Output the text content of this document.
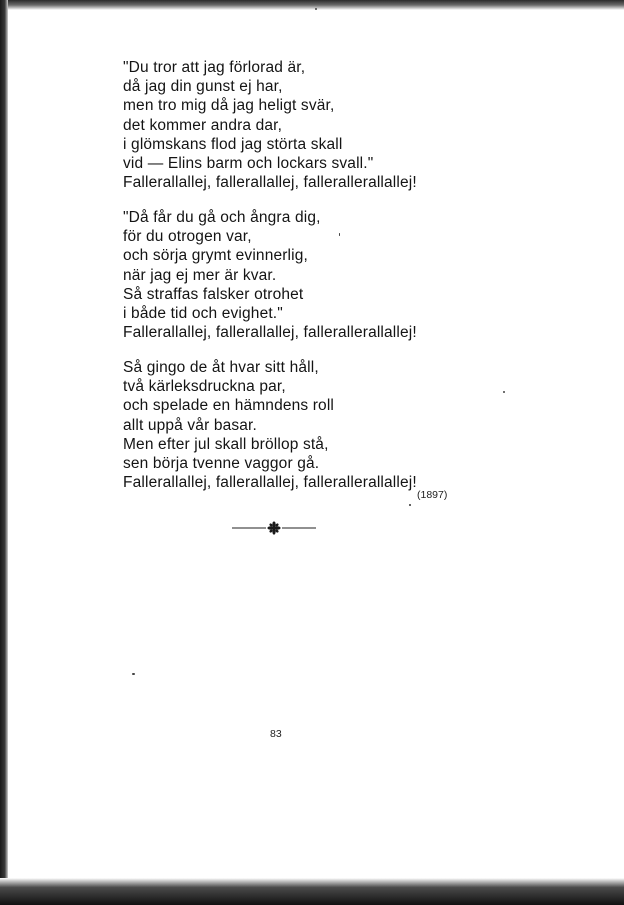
"Du tror att jag förlorad är,
då jag din gunst ej har,
men tro mig då jag heligt svär,
det kommer andra dar,
i glömskans flod jag störta skall
vid — Elins barm och lockars svall."
Fallerallallej, fallerallallej, fallerallerallallej!
"Då får du gå och ångra dig,
för du otrogen var,
och sörja grymt evinnerlig,
när jag ej mer är kvar.
Så straffas falsker otrohet
i både tid och evighet."
Fallerallallej, fallerallallej, fallerallerallallej!
Så gingo de åt hvar sitt håll,
två kärleksdruckna par,
och spelade en hämndens roll
allt uppå vår basar.
Men efter jul skall bröllop stå,
sen börja tvenne vaggor gå.
Fallerallallej, fallerallallej, fallerallerallallej!
(1897)
83
